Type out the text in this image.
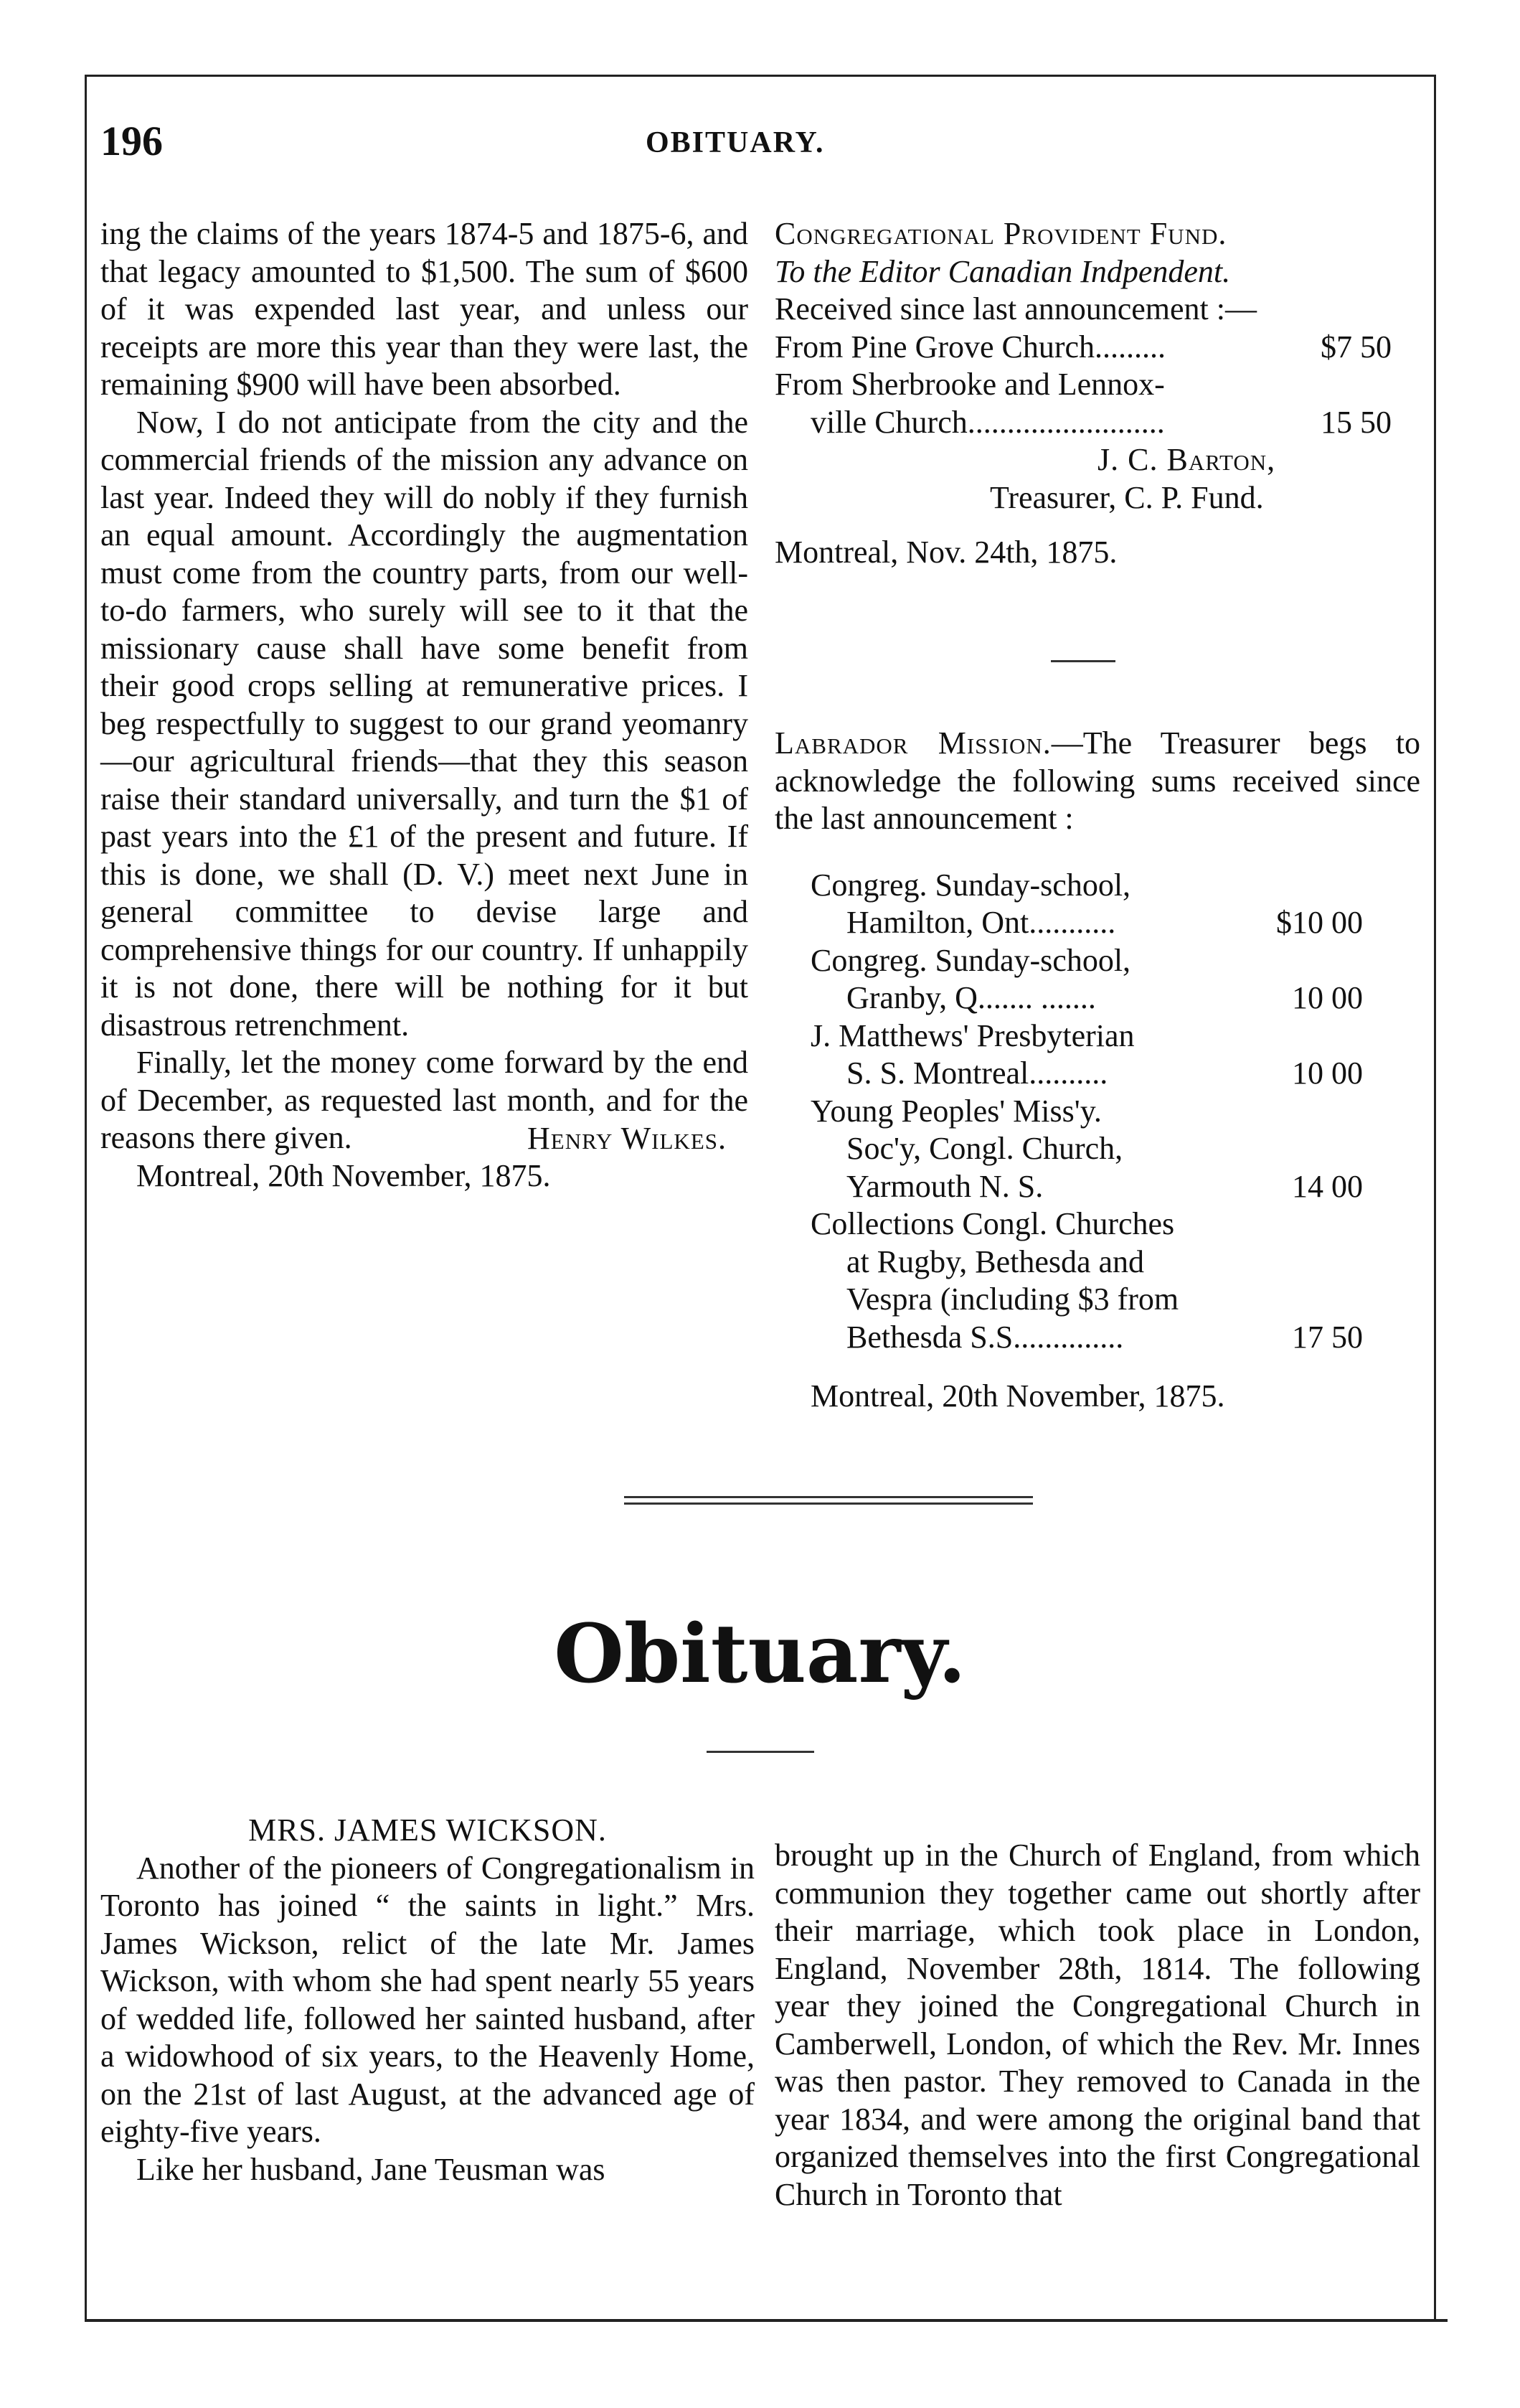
196	OBITUARY.

ing the claims of the years 1874-5 and 1875-6, and that legacy amounted to $1,500. The sum of $600 of it was expended last year, and unless our receipts are more this year than they were last, the remaining $900 will have been absorbed.

Now, I do not anticipate from the city and the commercial friends of the mission any advance on last year. Indeed they will do nobly if they furnish an equal amount. Accordingly the augmentation must come from the country parts, from our well-to-do farmers, who surely will see to it that the missionary cause shall have some benefit from their good crops selling at remunerative prices. I beg respectfully to suggest to our grand yeomanry—our agricultural friends—that they this season raise their standard universally, and turn the $1 of past years into the £1 of the present and future. If this is done, we shall (D. V.) meet next June in general committee to devise large and comprehensive things for our country. If unhappily it is not done, there will be nothing for it but disastrous retrenchment.

Finally, let the money come forward by the end of December, as requested last month, and for the reasons there given.	Henry Wilkes.

Montreal, 20th November, 1875.

Congregational Provident Fund.

To the Editor Canadian Indpendent.

Received since last announcement :—

From Pine Grove Church.........	$7 50
From Sherbrooke and Lennox-
ville Church.........................	15 50

J. C. Barton,

Treasurer, C. P. Fund.

Montreal, Nov. 24th, 1875.

Labrador Mission.—The Treasurer begs to acknowledge the following sums received since the last announcement :

Congreg. Sunday-school,
Hamilton, Ont...........	$10 00
Congreg. Sunday-school,
Granby, Q....... .......	10 00
J. Matthews' Presbyterian
S. S. Montreal..........	10 00
Young Peoples' Miss'y.
Soc'y, Congl. Church,
Yarmouth N. S.	14 00
Collections Congl. Churches
at Rugby, Bethesda and
Vespra (including $3 from
Bethesda S.S..............	17 50

Montreal, 20th November, 1875.

Obituary.

MRS. JAMES WICKSON.

Another of the pioneers of Congregationalism in Toronto has joined “ the saints in light.” Mrs. James Wickson, relict of the late Mr. James Wickson, with whom she had spent nearly 55 years of wedded life, followed her sainted husband, after a widowhood of six years, to the Heavenly Home, on the 21st of last August, at the advanced age of eighty-five years.

Like her husband, Jane Teusman was

brought up in the Church of England, from which communion they together came out shortly after their marriage, which took place in London, England, November 28th, 1814. The following year they joined the Congregational Church in Camberwell, London, of which the Rev. Mr. Innes was then pastor. They removed to Canada in the year 1834, and were among the original band that organized themselves into the first Congregational Church in Toronto that
